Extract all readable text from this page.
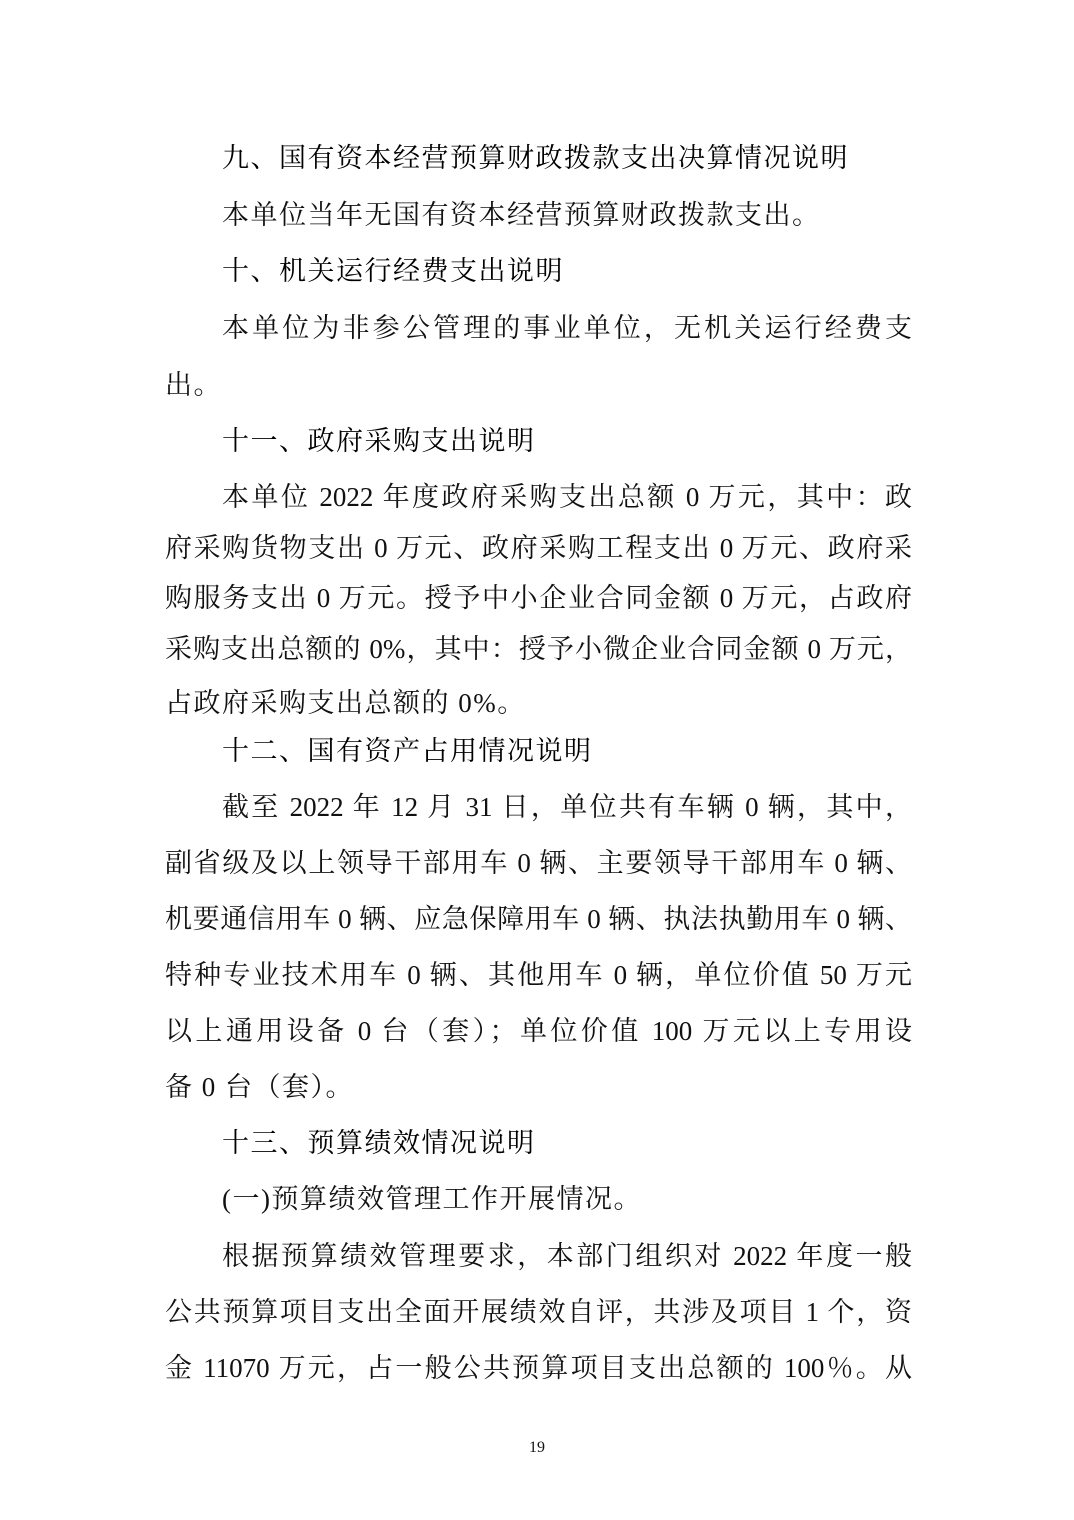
九、国有资本经营预算财政拨款支出决算情况说明
本单位当年无国有资本经营预算财政拨款支出。
十、机关运行经费支出说明
本单位为非参公管理的事业单位，无机关运行经费支
出。
十一、政府采购支出说明
本单位 2022 年度政府采购支出总额 0 万元，其中：政
府采购货物支出 0 万元、政府采购工程支出 0 万元、政府采
购服务支出 0 万元。授予中小企业合同金额 0 万元，占政府
采购支出总额的 0%，其中：授予小微企业合同金额 0 万元，
占政府采购支出总额的 0%。
十二、国有资产占用情况说明
截至 2022 年 12 月 31 日，单位共有车辆 0 辆，其中，
副省级及以上领导干部用车 0 辆、主要领导干部用车 0 辆、
机要通信用车 0 辆、应急保障用车 0 辆、执法执勤用车 0 辆、
特种专业技术用车 0 辆、其他用车 0 辆，单位价值 50 万元
以上通用设备 0 台（套）；单位价值 100 万元以上专用设
备 0 台（套）。
十三、预算绩效情况说明
(一)预算绩效管理工作开展情况。
根据预算绩效管理要求，本部门组织对 2022 年度一般
公共预算项目支出全面开展绩效自评，共涉及项目 1 个，资
金 11070 万元，占一般公共预算项目支出总额的 100％。从
19
